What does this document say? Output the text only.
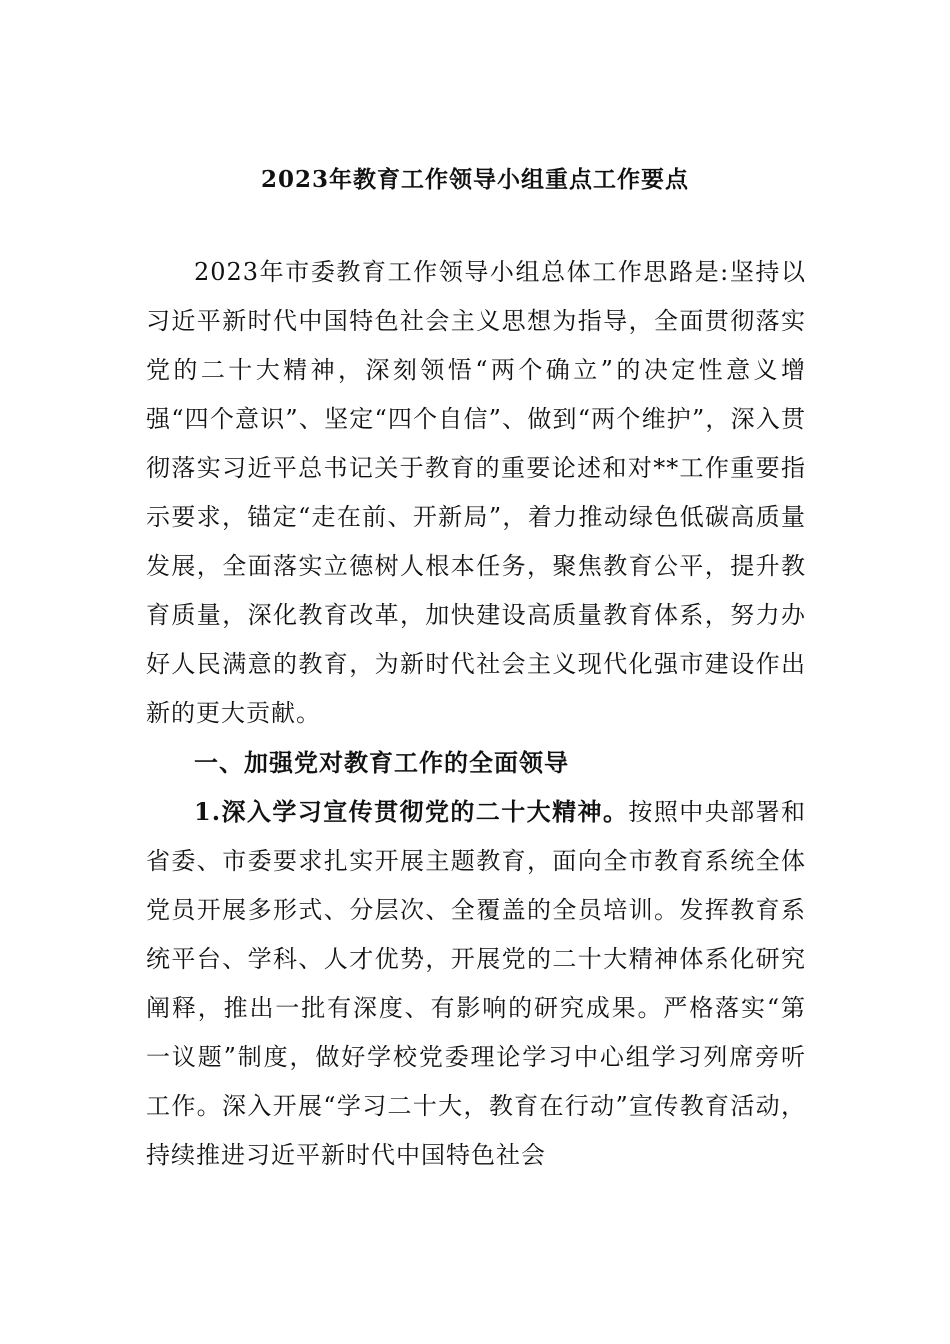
2023年教育工作领导小组重点工作要点

2023年市委教育工作领导小组总体工作思路是:坚持以习近平新时代中国特色社会主义思想为指导，全面贯彻落实党的二十大精神，深刻领悟“两个确立”的决定性意义增强“四个意识”、坚定“四个自信”、做到“两个维护”，深入贯彻落实习近平总书记关于教育的重要论述和对**工作重要指示要求，锚定“走在前、开新局”，着力推动绿色低碳高质量发展，全面落实立德树人根本任务，聚焦教育公平，提升教育质量，深化教育改革，加快建设高质量教育体系，努力办好人民满意的教育，为新时代社会主义现代化强市建设作出新的更大贡献。

一、加强党对教育工作的全面领导

1.深入学习宣传贯彻党的二十大精神。按照中央部署和省委、市委要求扎实开展主题教育，面向全市教育系统全体党员开展多形式、分层次、全覆盖的全员培训。发挥教育系统平台、学科、人才优势，开展党的二十大精神体系化研究阐释，推出一批有深度、有影响的研究成果。严格落实“第一议题”制度，做好学校党委理论学习中心组学习列席旁听工作。深入开展“学习二十大，教育在行动”宣传教育活动，持续推进习近平新时代中国特色社会
